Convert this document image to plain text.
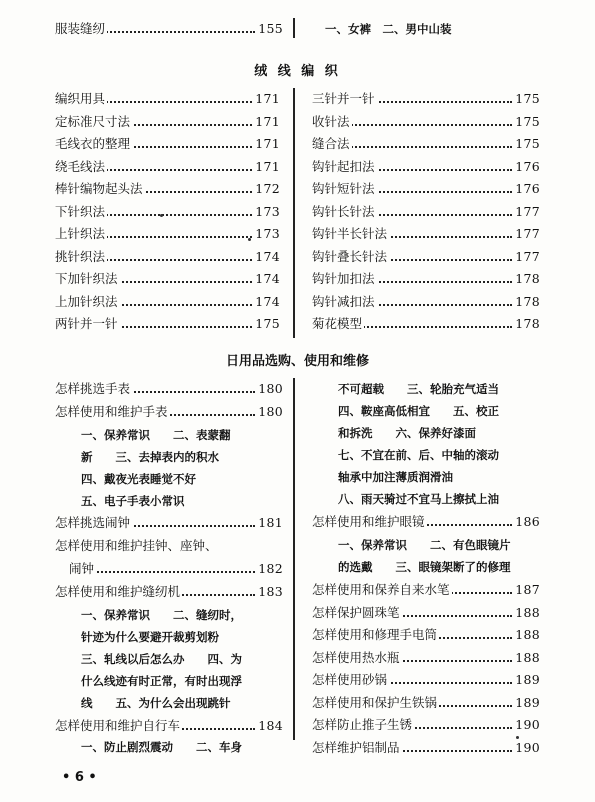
服装缝纫	155	一、女裤　二、男中山装
绒 线 编 织
编织用具	171
定标准尺寸法	171
毛线衣的整理	171
绕毛线法	171
棒针编物起头法	172
下针织法	173
上针织法	173
挑针织法	174
下加针织法	174
上加针织法	174
两针并一针	175
三针并一针	175
收针法	175
缝合法	175
钩针起扣法	176
钩针短针法	176
钩针长针法	177
钩针半长针法	177
钩针叠长针法	177
钩针加扣法	178
钩针减扣法	178
菊花模型	178
日用品选购、使用和维修
怎样挑选手表	180
怎样使用和维护手表	180
一、保养常识　　二、表蒙翻
新　　三、去掉表内的积水
四、戴夜光表睡觉不好
五、电子手表小常识
怎样挑选闹钟	181
怎样使用和维护挂钟、座钟、
闹钟	182
怎样使用和维护缝纫机	183
一、保养常识　　二、缝纫时，
针迹为什么要避开裁剪划粉
三、轧线以后怎么办　　四、为
什么线迹有时正常，有时出现浮
线　　五、为什么会出现跳针
怎样使用和维护自行车	184
一、防止剧烈震动　　二、车身
不可超载　　三、轮胎充气适当
四、鞍座高低相宜　　五、校正
和拆洗　　六、保养好漆面
七、不宜在前、后、中轴的滚动
轴承中加注薄质润滑油
八、雨天骑过不宜马上擦拭上油
怎样使用和维护眼镜	186
一、保养常识　　二、有色眼镜片
的选戴　　三、眼镜架断了的修理
怎样使用和保养自来水笔	187
怎样保护圆珠笔	188
怎样使用和修理手电筒	188
怎样使用热水瓶	188
怎样使用砂锅	189
怎样使用和保护生铁锅	189
怎样防止推子生锈	190
怎样维护铝制品	190
• 6 •
